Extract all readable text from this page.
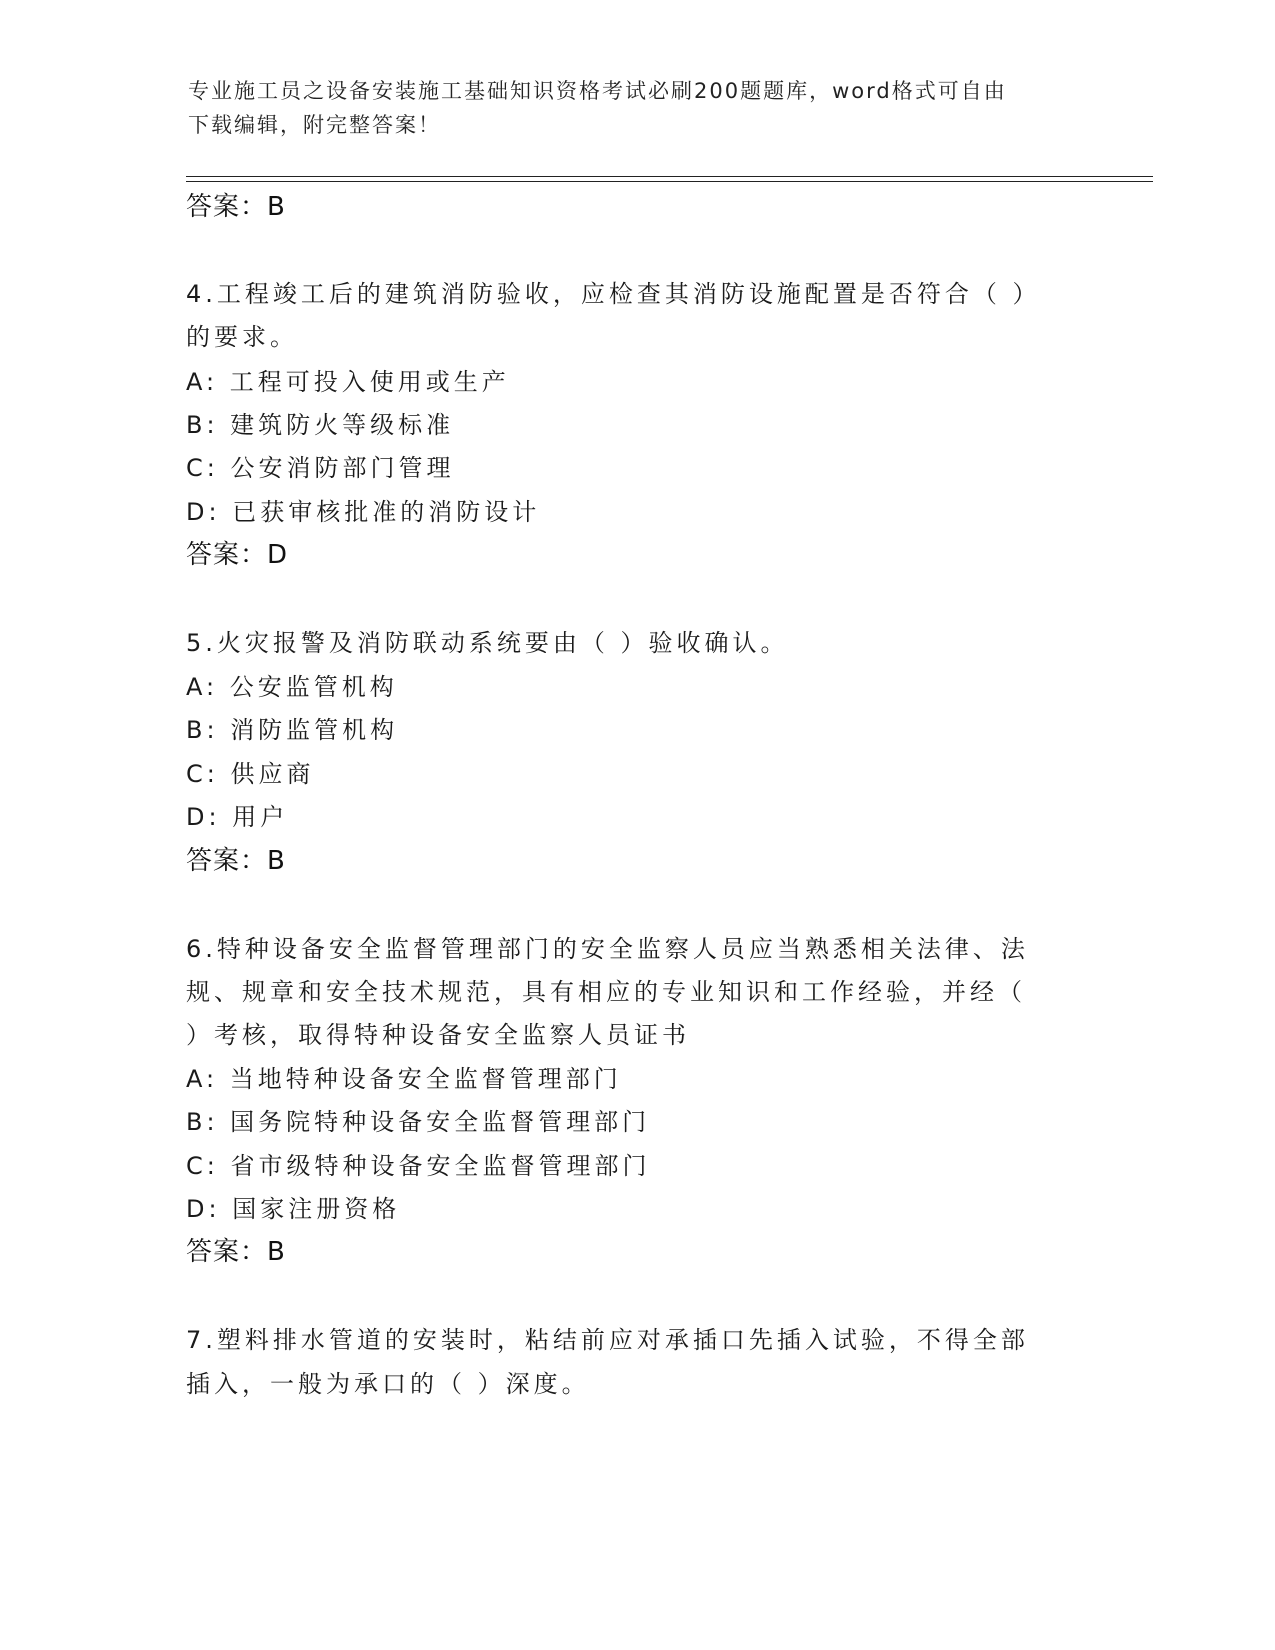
专业施工员之设备安装施工基础知识资格考试必刷200题题库，word格式可自由
下载编辑，附完整答案！
答案：B
4.工程竣工后的建筑消防验收，应检查其消防设施配置是否符合（ ）
的要求。
A: 工程可投入使用或生产
B: 建筑防火等级标准
C: 公安消防部门管理
D: 已获审核批准的消防设计
答案：D
5.火灾报警及消防联动系统要由（ ）验收确认。
A: 公安监管机构
B: 消防监管机构
C: 供应商
D: 用户
答案：B
6.特种设备安全监督管理部门的安全监察人员应当熟悉相关法律、法
规、规章和安全技术规范，具有相应的专业知识和工作经验，并经（
）考核，取得特种设备安全监察人员证书
A: 当地特种设备安全监督管理部门
B: 国务院特种设备安全监督管理部门
C: 省市级特种设备安全监督管理部门
D: 国家注册资格
答案：B
7.塑料排水管道的安装时，粘结前应对承插口先插入试验，不得全部
插入，一般为承口的（ ）深度。
